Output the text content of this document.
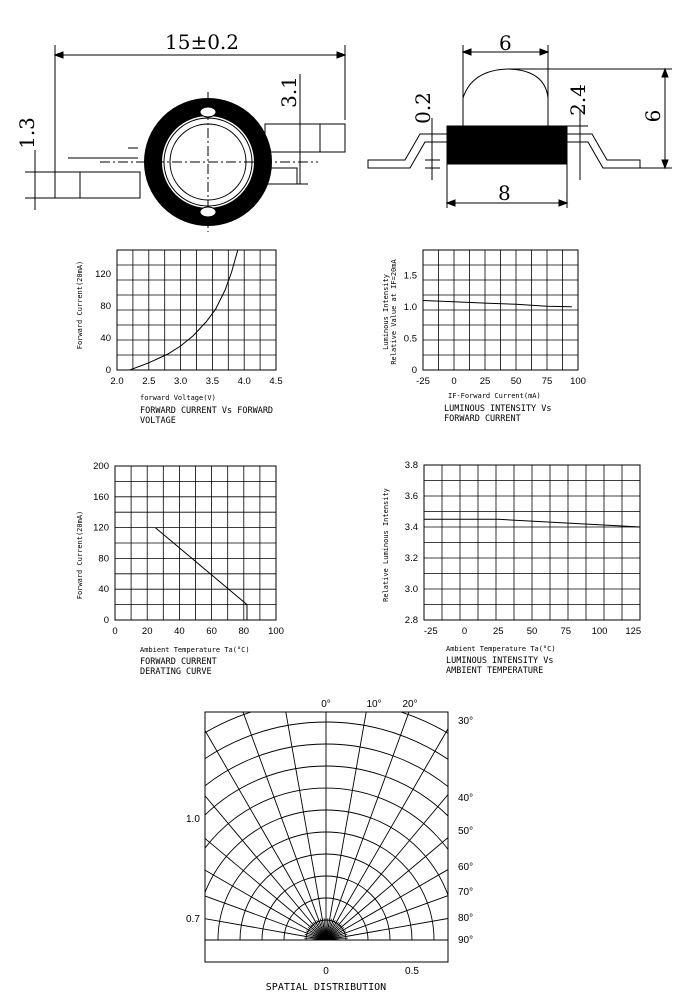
15±0.2
1.3
3.1
6
0.2	2.4
6
8
2.0 2.5 3.0 3.5 4.0 4.5
0
40
80
120
Forward Current(20mA)
forward Voltage(V)
FORWARD CURRENT Vs FORWARD
VOLTAGE
-25 0 25 50 75 100
0
0.5
1.0
1.5
Luminous Intensity Relative Value at IF=20mA
IF-Forward Current(mA)
LUMINOUS INTENSITY Vs
FORWARD CURRENT
0	20 40 60 80 100
0
40
80
120
160
200
Forward Current(20mA)
Ambient Temperature Ta(°C)
FORWARD CURRENT
DERATING CURVE
-25	0	25 50 75 100 125
2.8
3.0
3.2
3.4
3.6
3.8
Relative Luminous Intensity
Ambient Temperature Ta(°C)
LUMINOUS INTENSITY Vs
AMBIENT TEMPERATURE
0°	10° 20°
30°
40°
50°
60°
70°
80°
90°
1.0
0.7
0	0.5
SPATIAL DISTRIBUTION
